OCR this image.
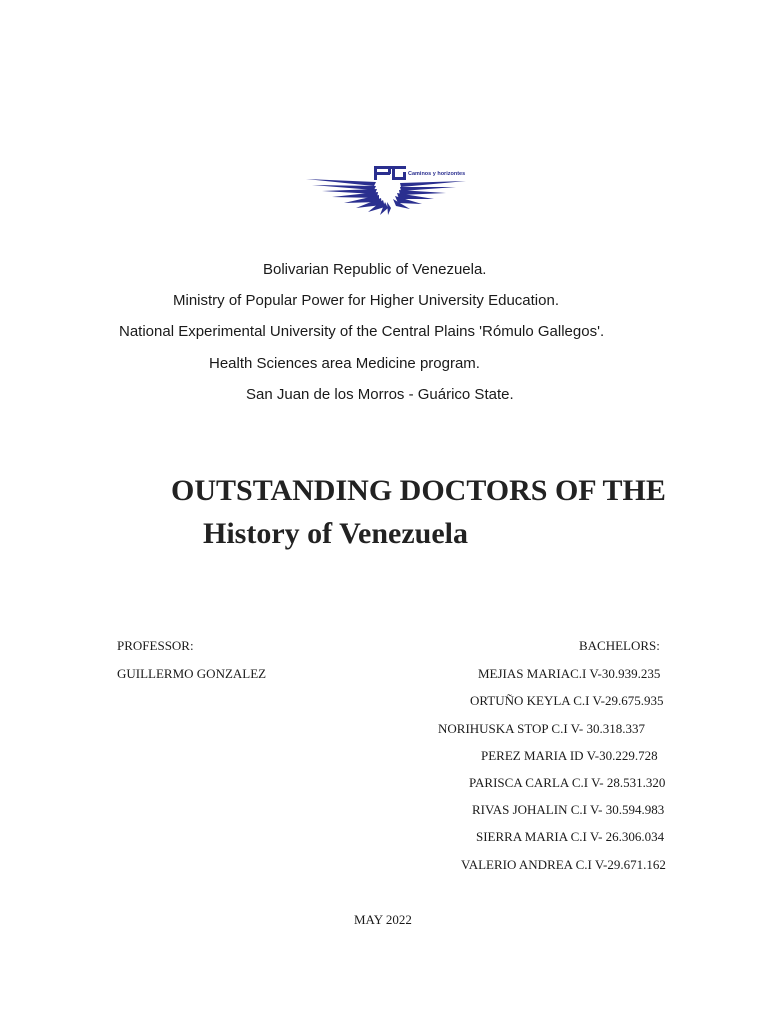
Caminos y horizontes
Bolivarian Republic of Venezuela.
Ministry of Popular Power for Higher University Education.
National Experimental University of the Central Plains 'Rómulo Gallegos'.
Health Sciences area Medicine program.
San Juan de los Morros - Guárico State.
OUTSTANDING DOCTORS OF THE
History of Venezuela
PROFESSOR:
GUILLERMO GONZALEZ
BACHELORS:
MEJIAS MARIAC.I V-30.939.235
ORTUÑO KEYLA C.I V-29.675.935
NORIHUSKA STOP C.I V- 30.318.337
PEREZ MARIA ID V-30.229.728
PARISCA CARLA C.I V- 28.531.320
RIVAS JOHALIN C.I V- 30.594.983
SIERRA MARIA C.I V- 26.306.034
VALERIO ANDREA C.I V-29.671.162
MAY 2022
